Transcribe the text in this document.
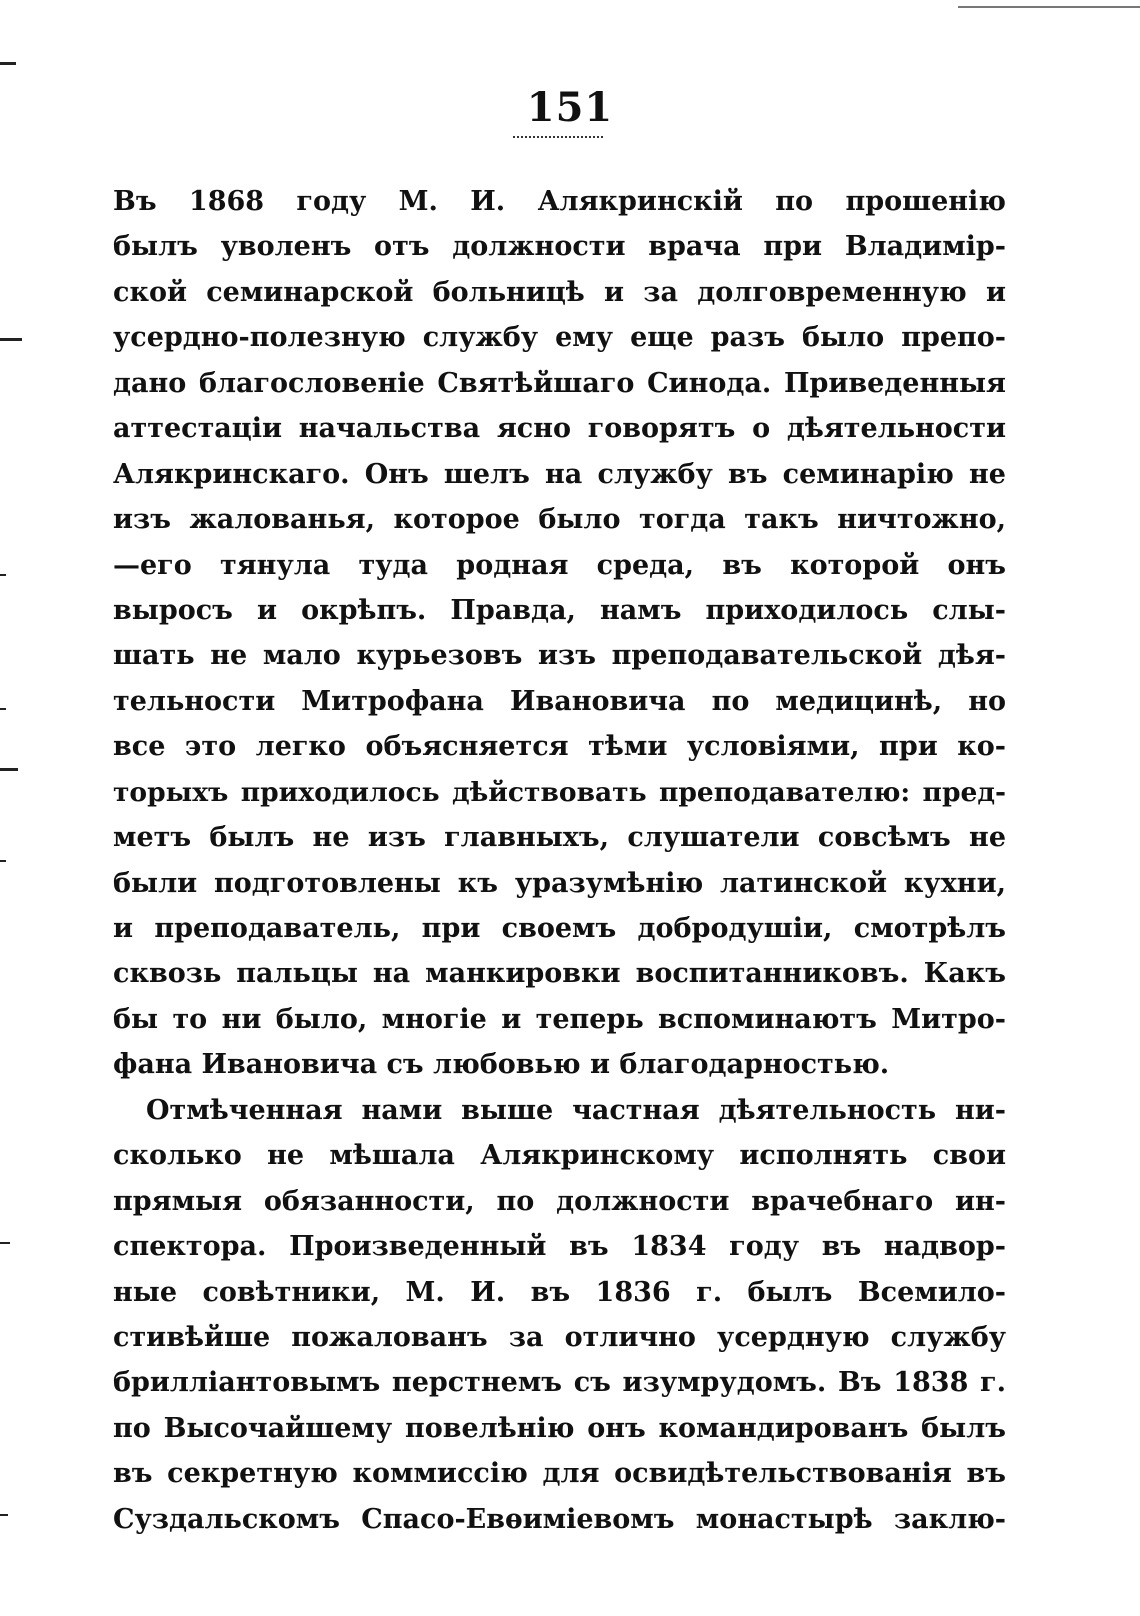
151
Въ 1868 году М. И. Алякринскій по прошенію
былъ уволенъ отъ должности врача при Владимір-
ской семинарской больницѣ и за долговременную и
усердно-полезную службу ему еще разъ было препо-
дано благословеніе Святѣйшаго Синода. Приведенныя
аттестаціи начальства ясно говорятъ о дѣятельности
Алякринскаго. Онъ шелъ на службу въ семинарію не
изъ жалованья, которое было тогда такъ ничтожно,
—его тянула туда родная среда, въ которой онъ
выросъ и окрѣпъ. Правда, намъ приходилось слы-
шать не мало курьезовъ изъ преподавательской дѣя-
тельности Митрофана Ивановича по медицинѣ, но
все это легко объясняется тѣми условіями, при ко-
торыхъ приходилось дѣйствовать преподавателю: пред-
метъ былъ не изъ главныхъ, слушатели совсѣмъ не
были подготовлены къ уразумѣнію латинской кухни,
и преподаватель, при своемъ добродушіи, смотрѣлъ
сквозь пальцы на манкировки воспитанниковъ. Какъ
бы то ни было, многіе и теперь вспоминаютъ Митро-
фана Ивановича съ любовью и благодарностью.
Отмѣченная нами выше частная дѣятельность ни-
сколько не мѣшала Алякринскому исполнять свои
прямыя обязанности, по должности врачебнаго ин-
спектора. Произведенный въ 1834 году въ надвор-
ные совѣтники, М. И. въ 1836 г. былъ Всемило-
стивѣйше пожалованъ за отлично усердную службу
бриллiантовымъ перстнемъ съ изумрудомъ. Въ 1838 г.
по Высочайшему повелѣнію онъ командированъ былъ
въ секретную коммиссію для освидѣтельствованія въ
Суздальскомъ Спасо-Евѳиміевомъ монастырѣ заклю-
